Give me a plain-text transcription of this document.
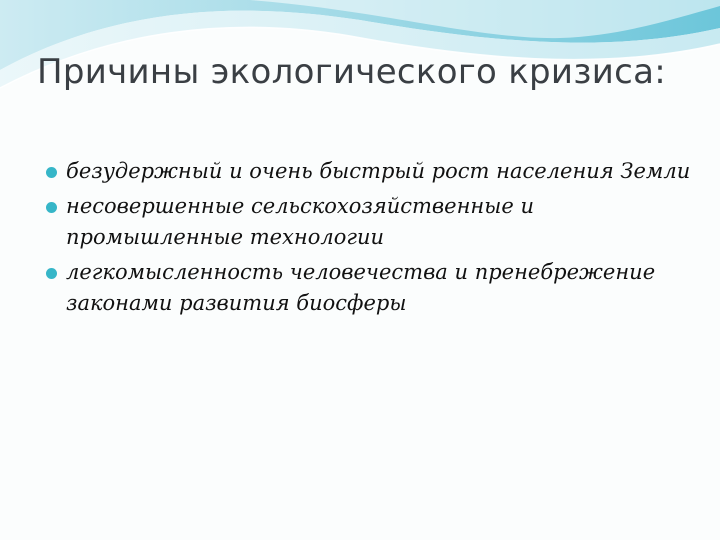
Причины экологического кризиса:
безудержный и очень быстрый рост населения Земли
несовершенные сельскохозяйственные и промышленные технологии
легкомысленность человечества и пренебрежение законами развития биосферы
